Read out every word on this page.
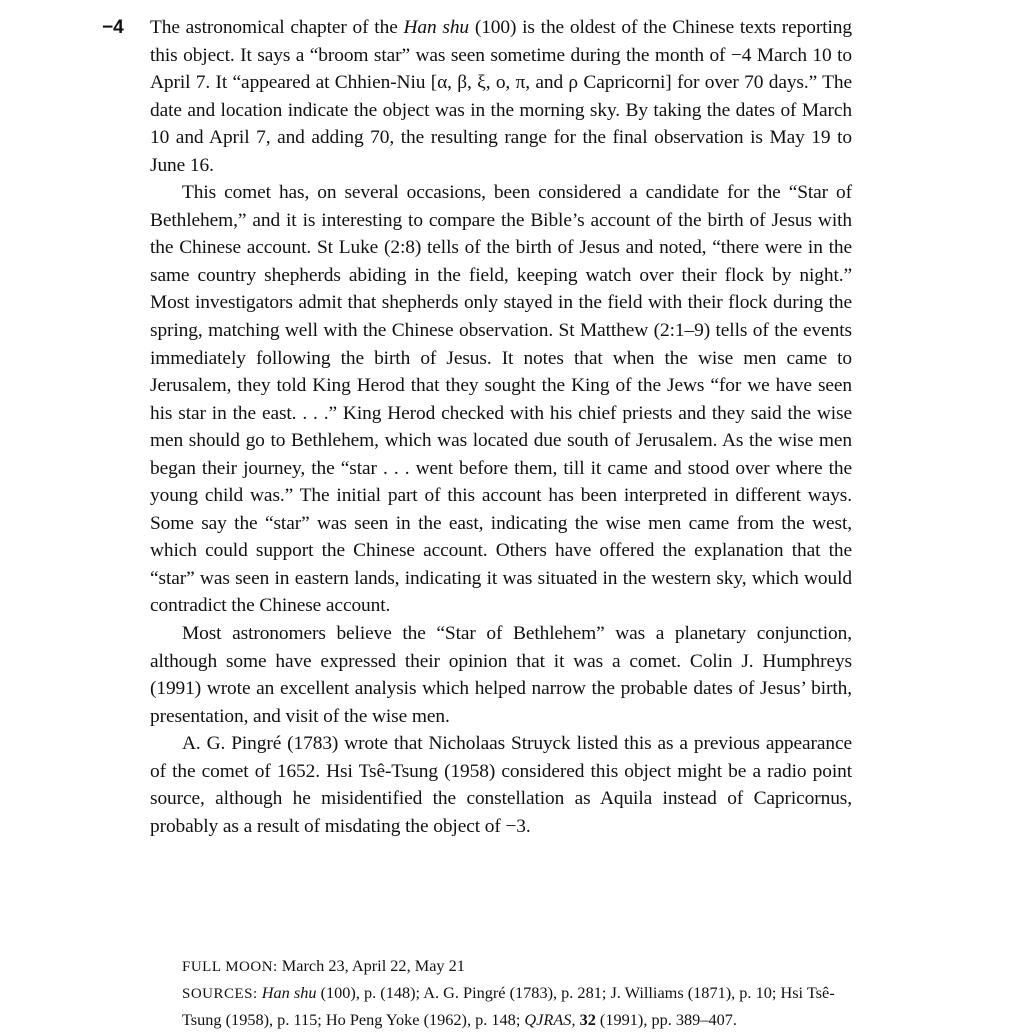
−4 The astronomical chapter of the Han shu (100) is the oldest of the Chinese texts reporting this object. It says a “broom star” was seen sometime during the month of −4 March 10 to April 7. It “appeared at Chhien-Niu [α, β, ξ, ο, π, and ρ Capricorni] for over 70 days.” The date and location indicate the object was in the morning sky. By taking the dates of March 10 and April 7, and adding 70, the resulting range for the final observation is May 19 to June 16.

This comet has, on several occasions, been considered a candidate for the “Star of Bethlehem,” and it is interesting to compare the Bible’s account of the birth of Jesus with the Chinese account. St Luke (2:8) tells of the birth of Jesus and noted, “there were in the same country shepherds abiding in the field, keeping watch over their flock by night.” Most investigators admit that shepherds only stayed in the field with their flock during the spring, matching well with the Chinese observation. St Matthew (2:1–9) tells of the events immediately following the birth of Jesus. It notes that when the wise men came to Jerusalem, they told King Herod that they sought the King of the Jews “for we have seen his star in the east. . . .” King Herod checked with his chief priests and they said the wise men should go to Bethlehem, which was located due south of Jerusalem. As the wise men began their journey, the “star . . . went before them, till it came and stood over where the young child was.” The initial part of this account has been interpreted in different ways. Some say the “star” was seen in the east, indicating the wise men came from the west, which could support the Chinese account. Others have offered the explanation that the “star” was seen in eastern lands, indicating it was situated in the western sky, which would contradict the Chinese account.

Most astronomers believe the “Star of Bethlehem” was a planetary conjunction, although some have expressed their opinion that it was a comet. Colin J. Humphreys (1991) wrote an excellent analysis which helped narrow the probable dates of Jesus’ birth, presentation, and visit of the wise men.

A. G. Pingré (1783) wrote that Nicholaas Struyck listed this as a previous appearance of the comet of 1652. Hsi Tsê-Tsung (1958) considered this object might be a radio point source, although he misidentified the constellation as Aquila instead of Capricornus, probably as a result of misdating the object of −3.

FULL MOON: March 23, April 22, May 21

SOURCES: Han shu (100), p. (148); A. G. Pingré (1783), p. 281; J. Williams (1871), p. 10; Hsi Tsê-Tsung (1958), p. 115; Ho Peng Yoke (1962), p. 148; QJRAS, 32 (1991), pp. 389–407.
